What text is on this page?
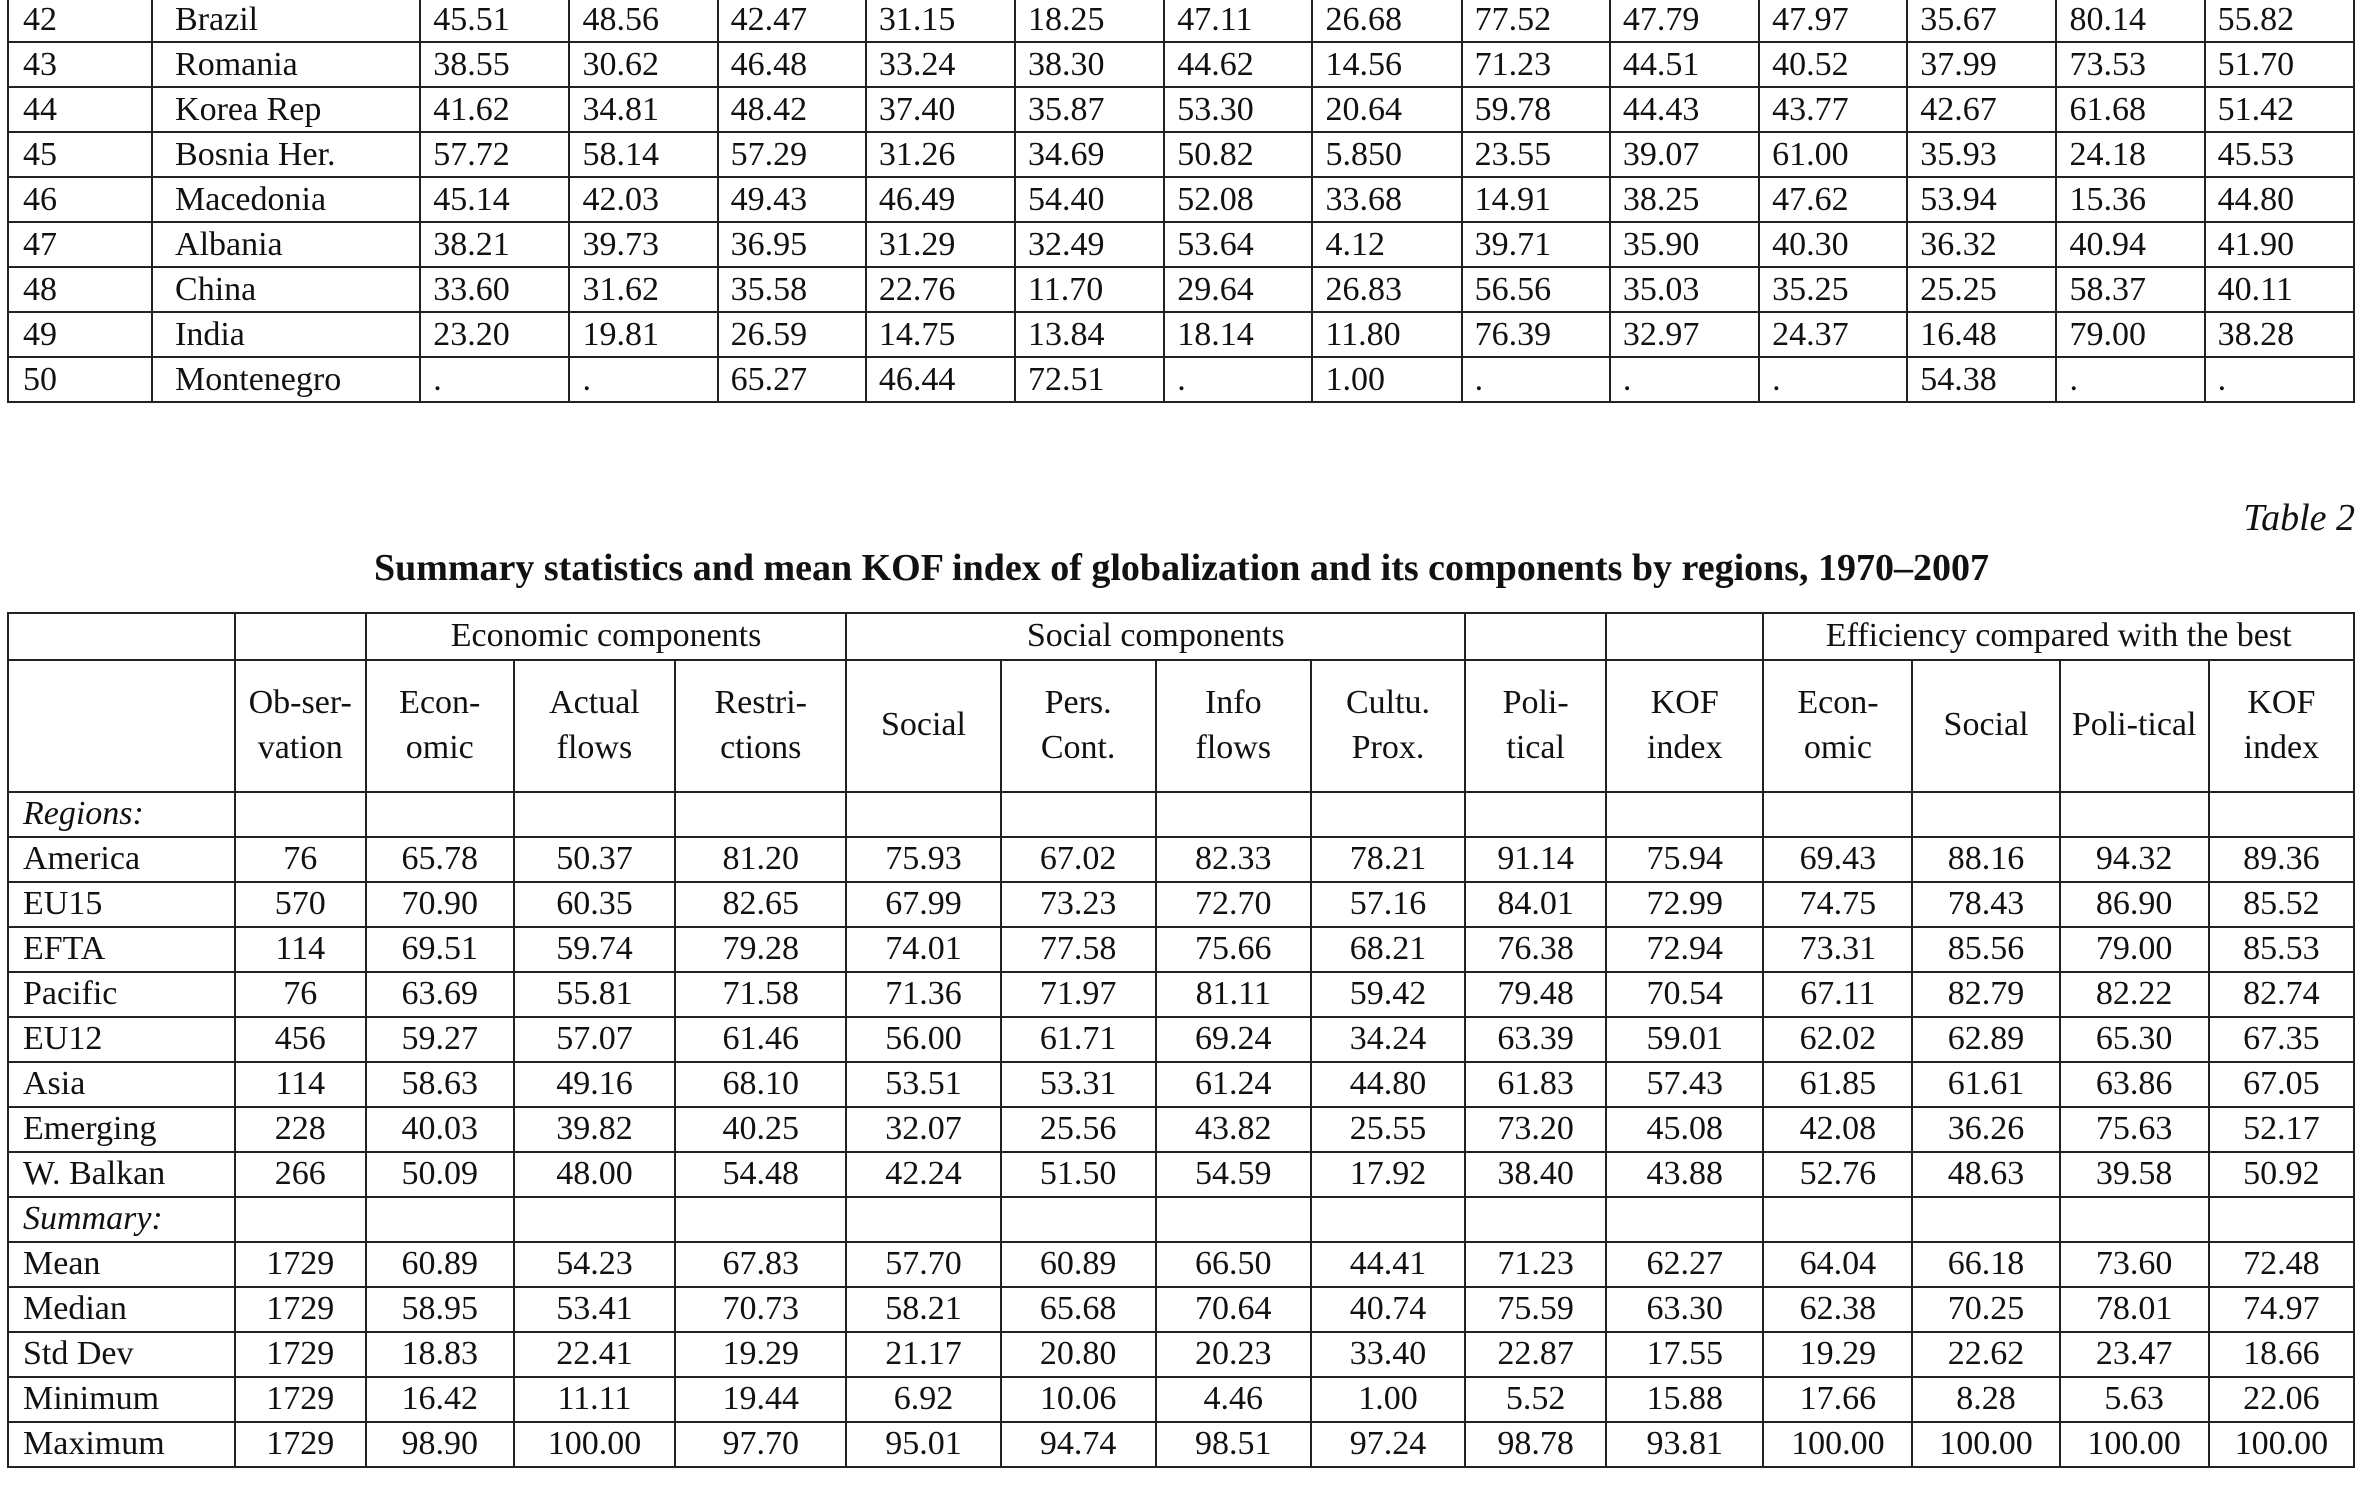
42	Brazil	45.51	48.56	42.47	31.15	18.25	47.11	26.68	77.52	47.79	47.97	35.67	80.14	55.82
43	Romania	38.55	30.62	46.48	33.24	38.30	44.62	14.56	71.23	44.51	40.52	37.99	73.53	51.70
44	Korea Rep	41.62	34.81	48.42	37.40	35.87	53.30	20.64	59.78	44.43	43.77	42.67	61.68	51.42
45	Bosnia Her.	57.72	58.14	57.29	31.26	34.69	50.82	5.850	23.55	39.07	61.00	35.93	24.18	45.53
46	Macedonia	45.14	42.03	49.43	46.49	54.40	52.08	33.68	14.91	38.25	47.62	53.94	15.36	44.80
47	Albania	38.21	39.73	36.95	31.29	32.49	53.64	4.12	39.71	35.90	40.30	36.32	40.94	41.90
48	China	33.60	31.62	35.58	22.76	11.70	29.64	26.83	56.56	35.03	35.25	25.25	58.37	40.11
49	India	23.20	19.81	26.59	14.75	13.84	18.14	11.80	76.39	32.97	24.37	16.48	79.00	38.28
50	Montenegro	.	.	65.27	46.44	72.51	.	1.00	.	.	.	54.38	.	.
Table 2
Summary statistics and mean KOF index of globalization and its components by regions, 1970–2007
		Economic components			Social components						Efficiency compared with the best			
	Ob-ser-vation	Econ-omic	Actual flows	Restri-ctions	Social	Pers. Cont.	Info flows	Cultu. Prox.	Poli-tical	KOF index	Econ-omic	Social	Poli-tical	KOF index
Regions:														
America	76	65.78	50.37	81.20	75.93	67.02	82.33	78.21	91.14	75.94	69.43	88.16	94.32	89.36
EU15	570	70.90	60.35	82.65	67.99	73.23	72.70	57.16	84.01	72.99	74.75	78.43	86.90	85.52
EFTA	114	69.51	59.74	79.28	74.01	77.58	75.66	68.21	76.38	72.94	73.31	85.56	79.00	85.53
Pacific	76	63.69	55.81	71.58	71.36	71.97	81.11	59.42	79.48	70.54	67.11	82.79	82.22	82.74
EU12	456	59.27	57.07	61.46	56.00	61.71	69.24	34.24	63.39	59.01	62.02	62.89	65.30	67.35
Asia	114	58.63	49.16	68.10	53.51	53.31	61.24	44.80	61.83	57.43	61.85	61.61	63.86	67.05
Emerging	228	40.03	39.82	40.25	32.07	25.56	43.82	25.55	73.20	45.08	42.08	36.26	75.63	52.17
W. Balkan	266	50.09	48.00	54.48	42.24	51.50	54.59	17.92	38.40	43.88	52.76	48.63	39.58	50.92
Summary:														
Mean	1729	60.89	54.23	67.83	57.70	60.89	66.50	44.41	71.23	62.27	64.04	66.18	73.60	72.48
Median	1729	58.95	53.41	70.73	58.21	65.68	70.64	40.74	75.59	63.30	62.38	70.25	78.01	74.97
Std Dev	1729	18.83	22.41	19.29	21.17	20.80	20.23	33.40	22.87	17.55	19.29	22.62	23.47	18.66
Minimum	1729	16.42	11.11	19.44	6.92	10.06	4.46	1.00	5.52	15.88	17.66	8.28	5.63	22.06
Maximum	1729	98.90	100.00	97.70	95.01	94.74	98.51	97.24	98.78	93.81	100.00	100.00	100.00	100.00
